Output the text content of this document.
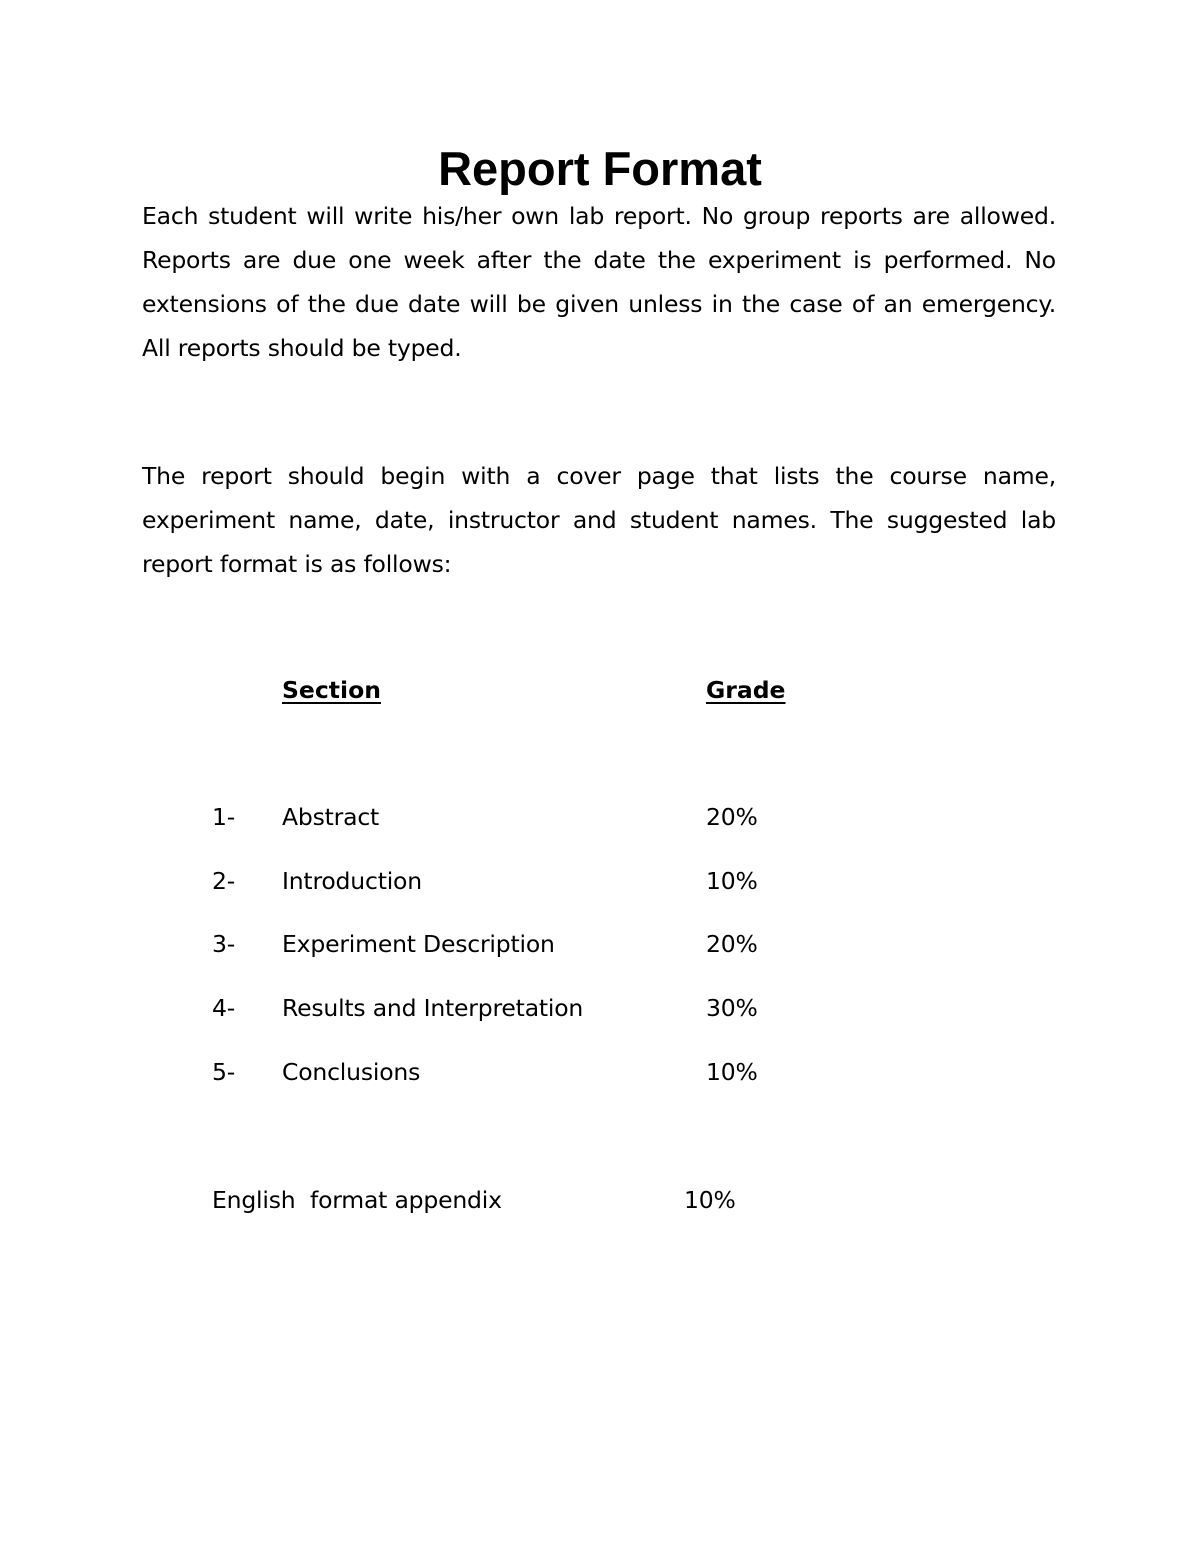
Report Format

Each student will write his/her own lab report. No group reports are allowed. Reports are due one week after the date the experiment is performed. No extensions of the due date will be given unless in the case of an emergency. All reports should be typed.

The report should begin with a cover page that lists the course name, experiment name, date, instructor and student names. The suggested lab report format is as follows:

Section	Grade
1- Abstract	20%
2- Introduction	10%
3- Experiment Description	20%
4- Results and Interpretation	30%
5- Conclusions	10%
English  format appendix	10%
